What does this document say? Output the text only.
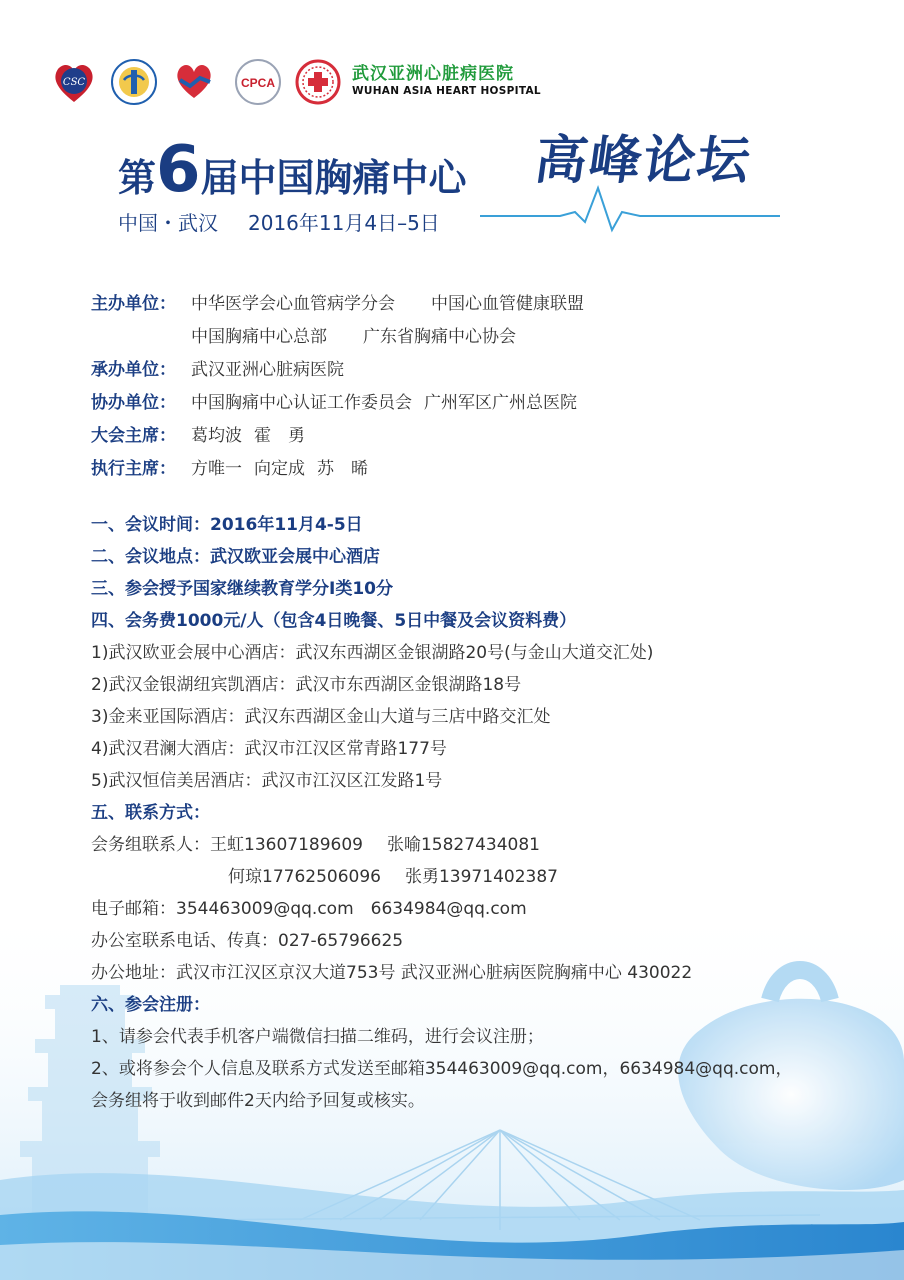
CSC	CPCA	武汉亚洲心脏病医院
WUHAN ASIA HEART HOSPITAL
第6届中国胸痛中心 高峰论坛
中国・武汉 2016年11月4日–5日
主办单位： 中华医学会心血管病学分会 中国心血管健康联盟
中国胸痛中心总部 广东省胸痛中心协会
承办单位： 武汉亚洲心脏病医院
协办单位： 中国胸痛中心认证工作委员会 广州军区广州总医院
大会主席： 葛均波 霍　勇
执行主席： 方唯一 向定成 苏　晞
一、会议时间：2016年11月4-5日
二、会议地点：武汉欧亚会展中心酒店
三、参会授予国家继续教育学分Ⅰ类10分
四、会务费1000元/人（包含4日晚餐、5日中餐及会议资料费）
1)武汉欧亚会展中心酒店：武汉东西湖区金银湖路20号(与金山大道交汇处)
2)武汉金银湖纽宾凯酒店：武汉市东西湖区金银湖路18号
3)金来亚国际酒店：武汉东西湖区金山大道与三店中路交汇处
4)武汉君澜大酒店：武汉市江汉区常青路177号
5)武汉恒信美居酒店：武汉市江汉区江发路1号
五、联系方式：
会务组联系人：王虹13607189609 张喻15827434081
何琼17762506096 张勇13971402387
电子邮箱：354463009@qq.com　6634984@qq.com
办公室联系电话、传真：027-65796625
办公地址：武汉市江汉区京汉大道753号 武汉亚洲心脏病医院胸痛中心 430022
六、参会注册：
1、请参会代表手机客户端微信扫描二维码，进行会议注册；
2、或将参会个人信息及联系方式发送至邮箱354463009@qq.com，6634984@qq.com，
会务组将于收到邮件2天内给予回复或核实。
